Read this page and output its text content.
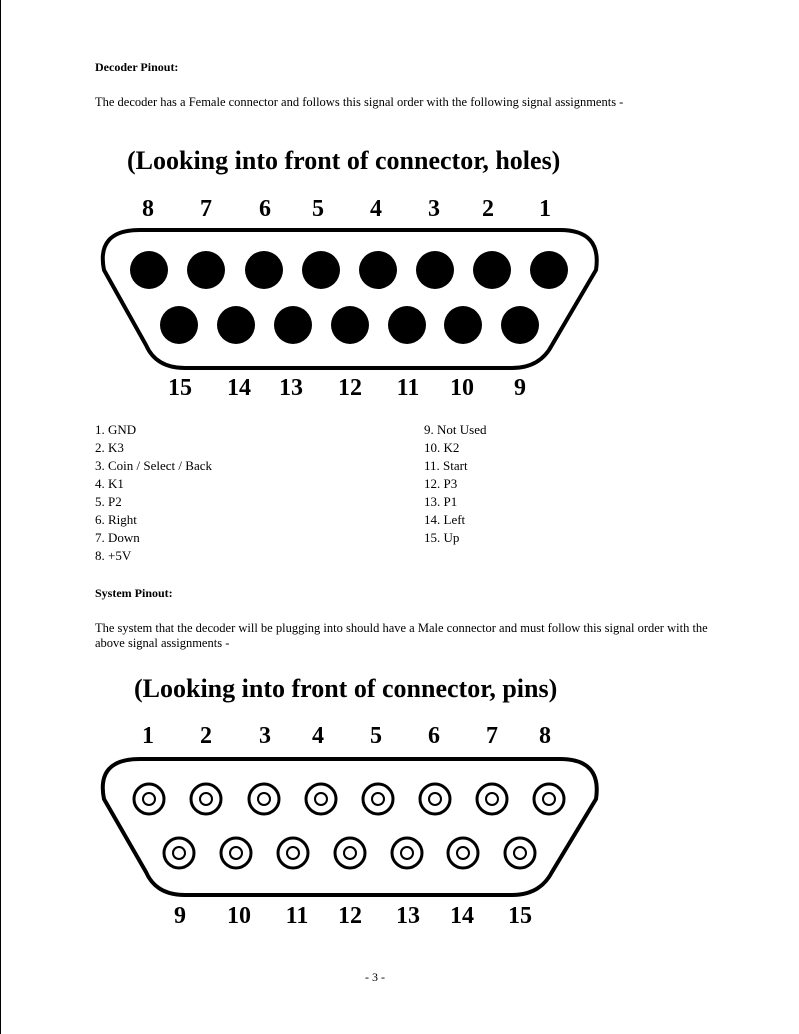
Decoder Pinout:
The decoder has a Female connector and follows this signal order with the following signal assignments -
(Looking into front of connector, holes)
8 7 6 5 4 3 2 1
15 14 13 12 11 10 9
1. GND
2. K3
3. Coin / Select / Back
4. K1
5. P2
6. Right
7. Down
8. +5V
9. Not Used
10. K2
11. Start
12. P3
13. P1
14. Left
15. Up
System Pinout:
The system that the decoder will be plugging into should have a Male connector and must follow this signal order with the above signal assignments -
(Looking into front of connector, pins)
1 2 3 4 5 6 7 8
9 10 11 12 13 14 15
- 3 -
